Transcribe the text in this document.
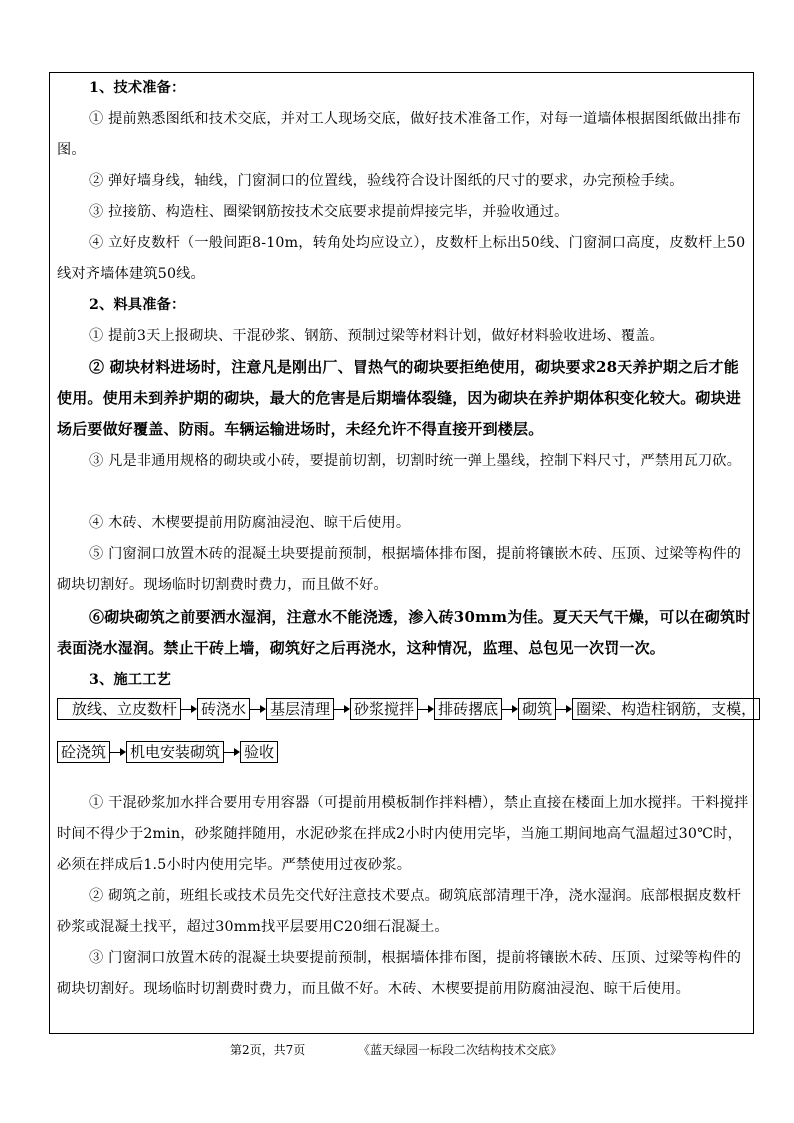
1、技术准备：

① 提前熟悉图纸和技术交底，并对工人现场交底，做好技术准备工作，对每一道墙体根据图纸做出排布图。

② 弹好墙身线，轴线，门窗洞口的位置线，验线符合设计图纸的尺寸的要求，办完预检手续。

③ 拉接筋、构造柱、圈梁钢筋按技术交底要求提前焊接完毕，并验收通过。

④ 立好皮数杆（一般间距8-10m，转角处均应设立），皮数杆上标出50线、门窗洞口高度，皮数杆上50线对齐墙体建筑50线。

2、料具准备：

① 提前3天上报砌块、干混砂浆、钢筋、预制过梁等材料计划，做好材料验收进场、覆盖。

② 砌块材料进场时，注意凡是刚出厂、冒热气的砌块要拒绝使用，砌块要求28天养护期之后才能使用。使用未到养护期的砌块，最大的危害是后期墙体裂缝，因为砌块在养护期体积变化较大。砌块进场后要做好覆盖、防雨。车辆运输进场时，未经允许不得直接开到楼层。

③ 凡是非通用规格的砌块或小砖，要提前切割，切割时统一弹上墨线，控制下料尺寸，严禁用瓦刀砍。

④ 木砖、木楔要提前用防腐油浸泡、晾干后使用。

⑤ 门窗洞口放置木砖的混凝土块要提前预制，根据墙体排布图，提前将镶嵌木砖、压顶、过梁等构件的砌块切割好。现场临时切割费时费力，而且做不好。

⑥砌块砌筑之前要洒水湿润，注意水不能浇透，渗入砖30mm为佳。夏天天气干燥，可以在砌筑时表面浇水湿润。禁止干砖上墙，砌筑好之后再浇水，这种情况，监理、总包见一次罚一次。

3、施工工艺

放线、立皮数杆 砖浇水 基层清理 砂浆搅拌 排砖撂底 砌筑 圈梁、构造柱钢筋，支模，
砼浇筑 机电安装砌筑 验收

① 干混砂浆加水拌合要用专用容器（可提前用模板制作拌料槽），禁止直接在楼面上加水搅拌。干料搅拌时间不得少于2min，砂浆随拌随用，水泥砂浆在拌成2小时内使用完毕，当施工期间地高气温超过30℃时，必须在拌成后1.5小时内使用完毕。严禁使用过夜砂浆。

② 砌筑之前，班组长或技术员先交代好注意技术要点。砌筑底部清理干净，浇水湿润。底部根据皮数杆砂浆或混凝土找平，超过30mm找平层要用C20细石混凝土。

③ 门窗洞口放置木砖的混凝土块要提前预制，根据墙体排布图，提前将镶嵌木砖、压顶、过梁等构件的砌块切割好。现场临时切割费时费力，而且做不好。木砖、木楔要提前用防腐油浸泡、晾干后使用。

第2页，共7页	《蓝天绿园一标段二次结构技术交底》
